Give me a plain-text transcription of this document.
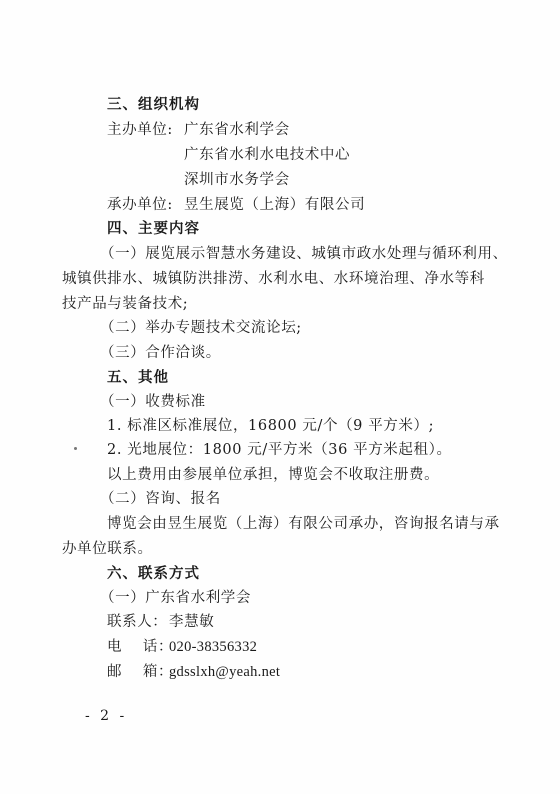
三、组织机构
主办单位: 广东省水利学会
广东省水利水电技术中心
深圳市水务学会
承办单位: 昱生展览（上海）有限公司
四、主要内容
（一）展览展示智慧水务建设、城镇市政水处理与循环利用、
城镇供排水、城镇防洪排涝、水利水电、水环境治理、净水等科
技产品与装备技术;
（二）举办专题技术交流论坛;
（三）合作洽谈。
五、其他
（一）收费标准
1. 标准区标准展位，16800 元/个（9 平方米）;
2. 光地展位：1800 元/平方米（36 平方米起租）。
以上费用由参展单位承担，博览会不收取注册费。
（二）咨询、报名
博览会由昱生展览（上海）有限公司承办，咨询报名请与承
办单位联系。
六、联系方式
（一）广东省水利学会
联系人： 李慧敏
电    话：
020-38356332
邮    箱：
gdsslxh@yeah.net
- 2 -
